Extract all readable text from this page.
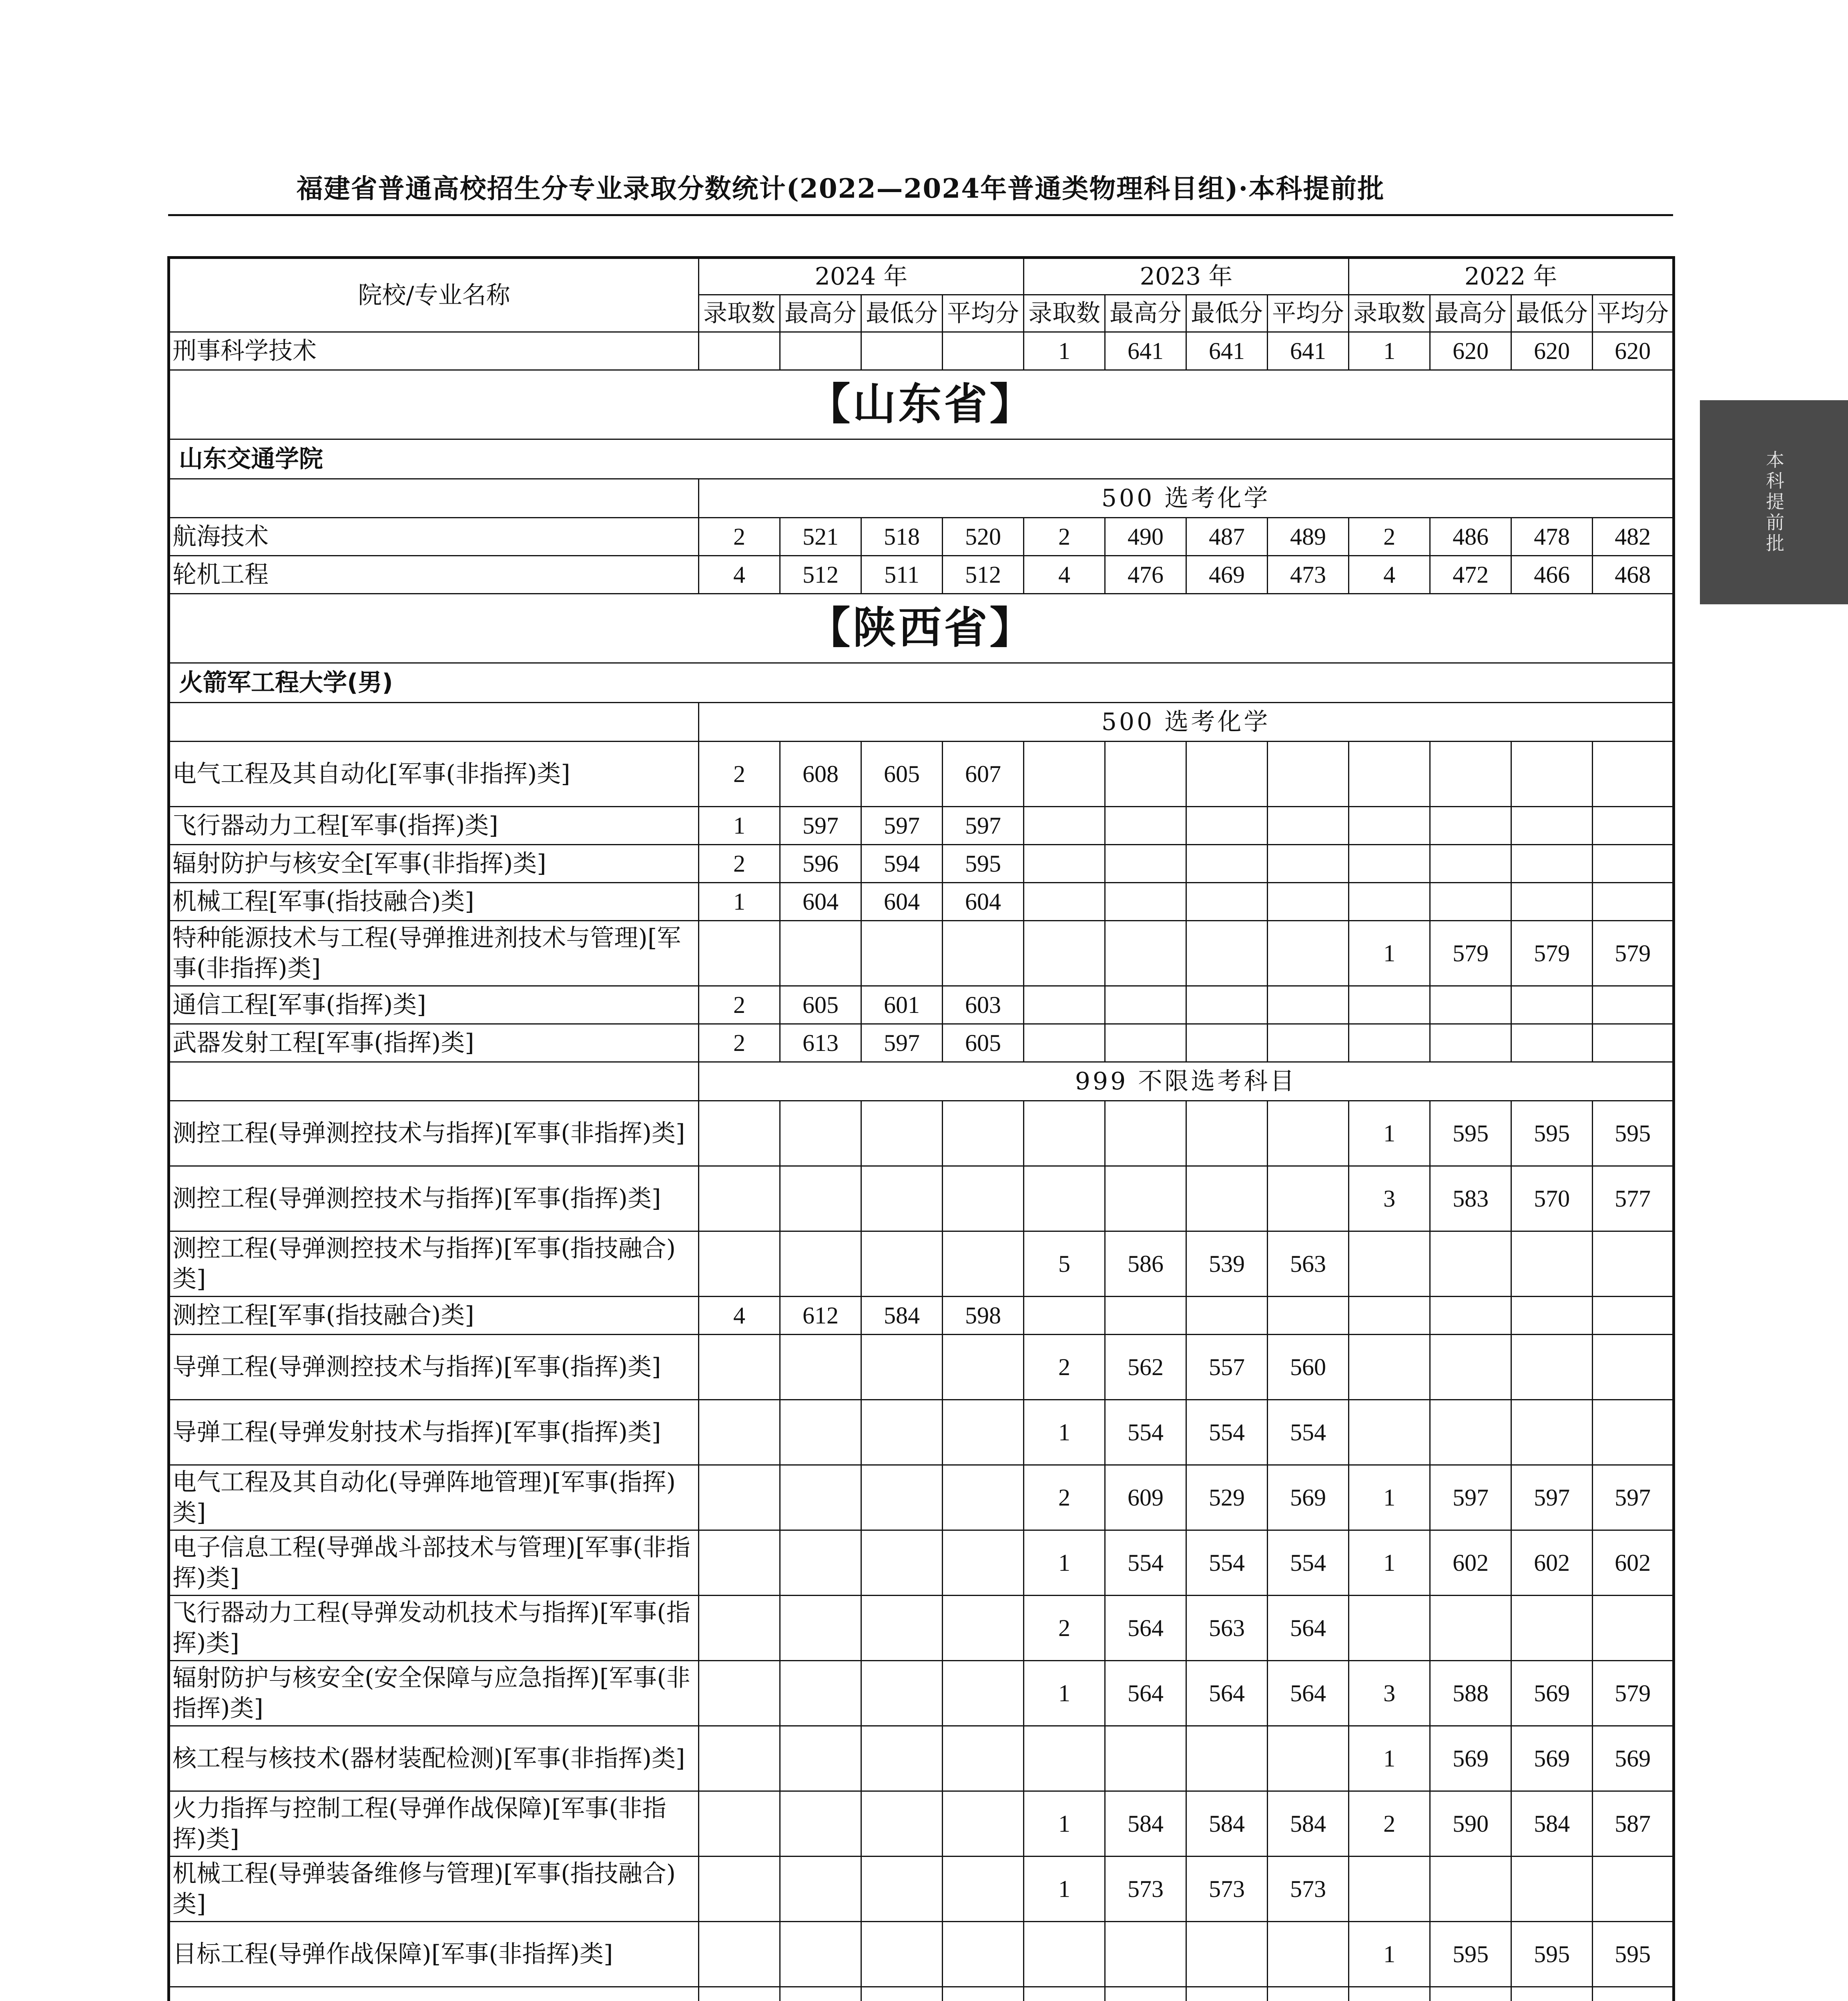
福建省普通高校招生分专业录取分数统计(2022—2024年普通类物理科目组)·本科提前批
本科提前批
院校/专业名称	2024 年				2023 年				2022 年			
	录取数	最高分	最低分	平均分	录取数	最高分	最低分	平均分	录取数	最高分	最低分	平均分
刑事科学技术					1	641	641	641	1	620	620	620
【山东省】												
山东交通学院												
	500 选考化学											
航海技术	2	521	518	520	2	490	487	489	2	486	478	482
轮机工程	4	512	511	512	4	476	469	473	4	472	466	468
【陕西省】												
火箭军工程大学(男)												
	500 选考化学											
电气工程及其自动化[军事(非指挥)类]	2	608	605	607								
飞行器动力工程[军事(指挥)类]	1	597	597	597								
辐射防护与核安全[军事(非指挥)类]	2	596	594	595								
机械工程[军事(指技融合)类]	1	604	604	604								
特种能源技术与工程(导弹推进剂技术与管理)[军事(非指挥)类]									1	579	579	579
通信工程[军事(指挥)类]	2	605	601	603								
武器发射工程[军事(指挥)类]	2	613	597	605								
	999 不限选考科目											
测控工程(导弹测控技术与指挥)[军事(非指挥)类]									1	595	595	595
测控工程(导弹测控技术与指挥)[军事(指挥)类]									3	583	570	577
测控工程(导弹测控技术与指挥)[军事(指技融合)类]					5	586	539	563				
测控工程[军事(指技融合)类]	4	612	584	598								
导弹工程(导弹测控技术与指挥)[军事(指挥)类]					2	562	557	560				
导弹工程(导弹发射技术与指挥)[军事(指挥)类]					1	554	554	554				
电气工程及其自动化(导弹阵地管理)[军事(指挥)类]					2	609	529	569	1	597	597	597
电子信息工程(导弹战斗部技术与管理)[军事(非指挥)类]					1	554	554	554	1	602	602	602
飞行器动力工程(导弹发动机技术与指挥)[军事(指挥)类]					2	564	563	564				
辐射防护与核安全(安全保障与应急指挥)[军事(非指挥)类]					1	564	564	564	3	588	569	579
核工程与核技术(器材装配检测)[军事(非指挥)类]									1	569	569	569
火力指挥与控制工程(导弹作战保障)[军事(非指挥)类]					1	584	584	584	2	590	584	587
机械工程(导弹装备维修与管理)[军事(指技融合)类]					1	573	573	573				
目标工程(导弹作战保障)[军事(非指挥)类]									1	595	595	595
